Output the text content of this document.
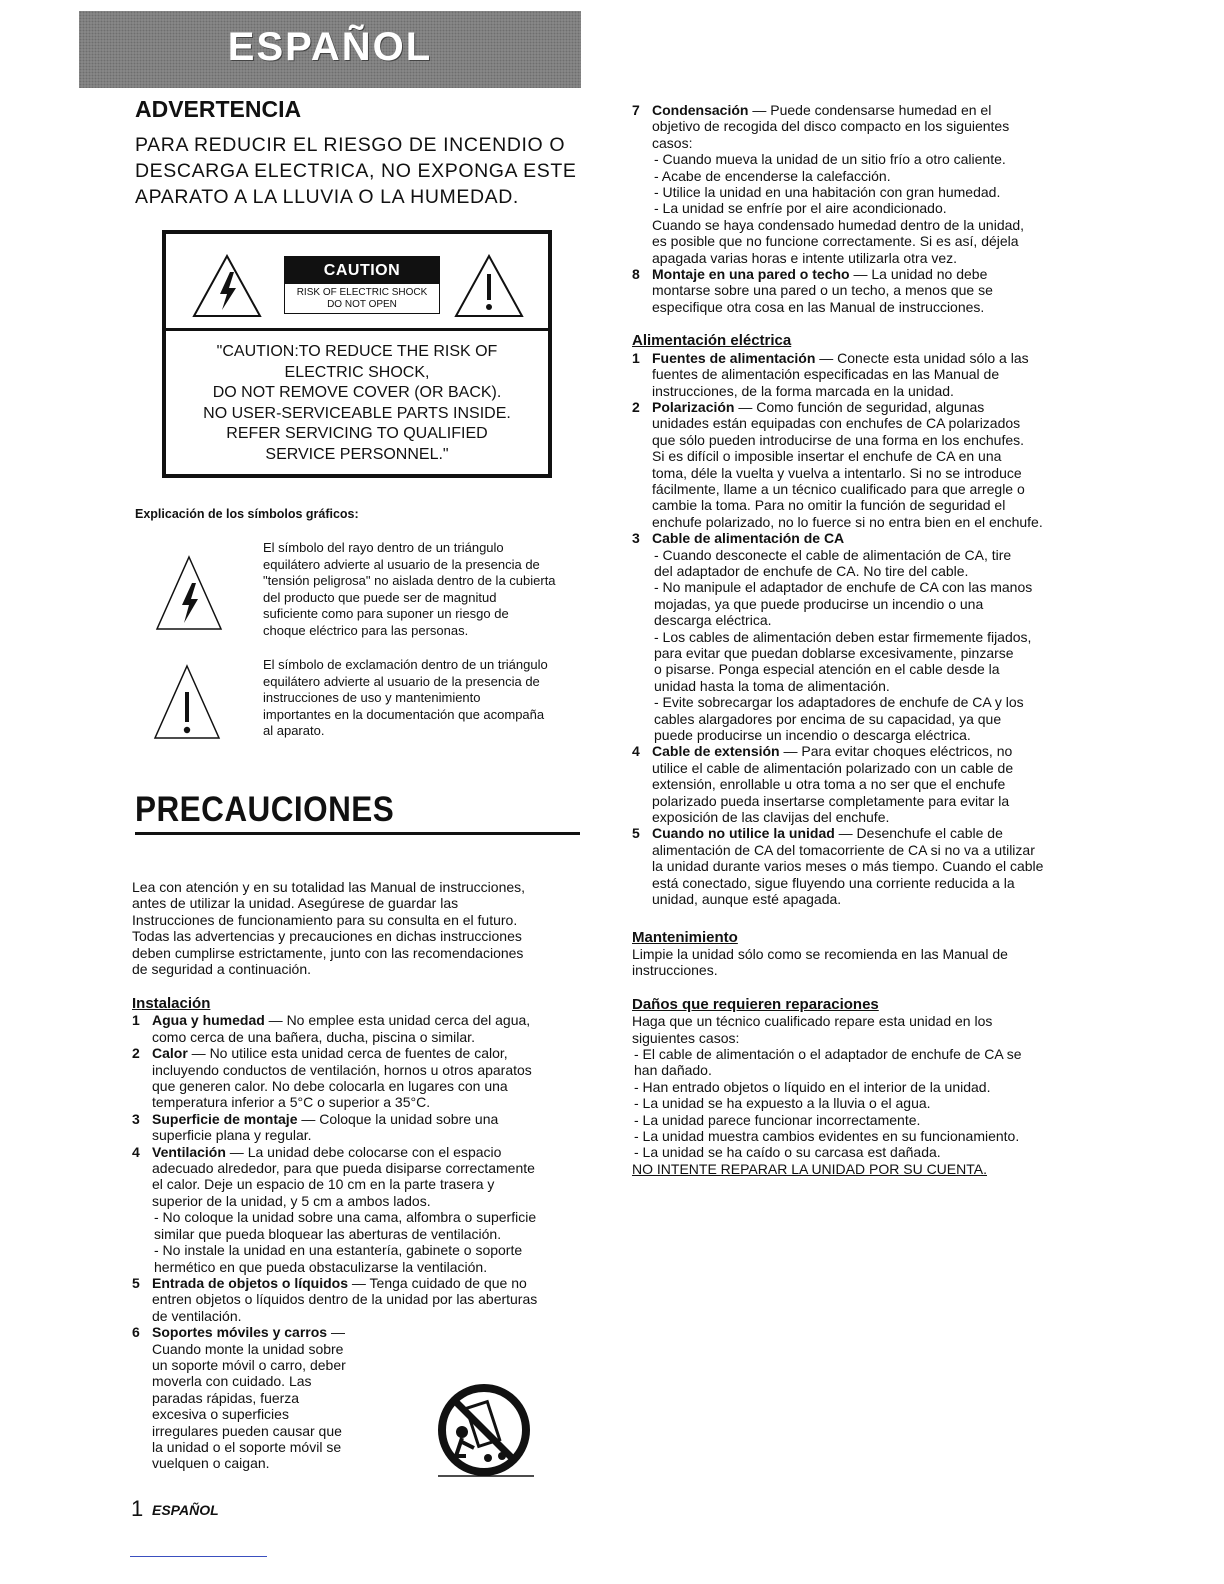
ESPAÑOL
ADVERTENCIA
PARA REDUCIR EL RIESGO DE INCENDIO O
DESCARGA ELECTRICA, NO EXPONGA ESTE
APARATO A LA LLUVIA O LA HUMEDAD.
CAUTION
RISK OF ELECTRIC SHOCK
DO NOT OPEN
"CAUTION:TO REDUCE THE RISK OF
ELECTRIC SHOCK,
DO NOT REMOVE COVER (OR BACK).
NO USER-SERVICEABLE PARTS INSIDE.
REFER SERVICING TO QUALIFIED
SERVICE PERSONNEL."
Explicación de los símbolos gráficos:
El símbolo del rayo dentro de un triángulo
equilátero advierte al usuario de la presencia de
"tensión peligrosa" no aislada dentro de la cubierta
del producto que puede ser de magnitud
suficiente como para suponer un riesgo de
choque eléctrico para las personas.
El símbolo de exclamación dentro de un triángulo
equilátero advierte al usuario de la presencia de
instrucciones de uso y mantenimiento
importantes en la documentación que acompaña
al aparato.
PRECAUCIONES
Lea con atención y en su totalidad las Manual de instrucciones,
antes de utilizar la unidad. Asegúrese de guardar las
Instrucciones de funcionamiento para su consulta en el futuro.
Todas las advertencias y precauciones en dichas instrucciones
deben cumplirse estrictamente, junto con las recomendaciones
de seguridad a continuación.
Instalación
1 Agua y humedad — No emplee esta unidad cerca del agua,
como cerca de una bañera, ducha, piscina o similar.
2 Calor — No utilice esta unidad cerca de fuentes de calor,
incluyendo conductos de ventilación, hornos u otros aparatos
que generen calor. No debe colocarla en lugares con una
temperatura inferior a 5°C o superior a 35°C.
3 Superficie de montaje — Coloque la unidad sobre una
superficie plana y regular.
4 Ventilación — La unidad debe colocarse con el espacio
adecuado alrededor, para que pueda disiparse correctamente
el calor. Deje un espacio de 10 cm en la parte trasera y
superior de la unidad, y 5 cm a ambos lados.
- No coloque la unidad sobre una cama, alfombra o superficie
similar que pueda bloquear las aberturas de ventilación.
- No instale la unidad en una estantería, gabinete o soporte
hermético en que pueda obstaculizarse la ventilación.
5 Entrada de objetos o líquidos — Tenga cuidado de que no
entren objetos o líquidos dentro de la unidad por las aberturas
de ventilación.
6 Soportes móviles y carros —
Cuando monte la unidad sobre
un soporte móvil o carro, deber
moverla con cuidado. Las
paradas rápidas, fuerza
excesiva o superficies
irregulares pueden causar que
la unidad o el soporte móvil se
vuelquen o caigan.
7 Condensación — Puede condensarse humedad en el
objetivo de recogida del disco compacto en los siguientes
casos:
- Cuando mueva la unidad de un sitio frío a otro caliente.
- Acabe de encenderse la calefacción.
- Utilice la unidad en una habitación con gran humedad.
- La unidad se enfríe por el aire acondicionado.
Cuando se haya condensado humedad dentro de la unidad,
es posible que no funcione correctamente. Si es así, déjela
apagada varias horas e intente utilizarla otra vez.
8 Montaje en una pared o techo — La unidad no debe
montarse sobre una pared o un techo, a menos que se
especifique otra cosa en las Manual de instrucciones.
Alimentación eléctrica
1 Fuentes de alimentación — Conecte esta unidad sólo a las
fuentes de alimentación especificadas en las Manual de
instrucciones, de la forma marcada en la unidad.
2 Polarización — Como función de seguridad, algunas
unidades están equipadas con enchufes de CA polarizados
que sólo pueden introducirse de una forma en los enchufes.
Si es difícil o imposible insertar el enchufe de CA en una
toma, déle la vuelta y vuelva a intentarlo. Si no se introduce
fácilmente, llame a un técnico cualificado para que arregle o
cambie la toma. Para no omitir la función de seguridad el
enchufe polarizado, no lo fuerce si no entra bien en el enchufe.
3 Cable de alimentación de CA
- Cuando desconecte el cable de alimentación de CA, tire
del adaptador de enchufe de CA. No tire del cable.
- No manipule el adaptador de enchufe de CA con las manos
mojadas, ya que puede producirse un incendio o una
descarga eléctrica.
- Los cables de alimentación deben estar firmemente fijados,
para evitar que puedan doblarse excesivamente, pinzarse
o pisarse. Ponga especial atención en el cable desde la
unidad hasta la toma de alimentación.
- Evite sobrecargar los adaptadores de enchufe de CA y los
cables alargadores por encima de su capacidad, ya que
puede producirse un incendio o descarga eléctrica.
4 Cable de extensión — Para evitar choques eléctricos, no
utilice el cable de alimentación polarizado con un cable de
extensión, enrollable u otra toma a no ser que el enchufe
polarizado pueda insertarse completamente para evitar la
exposición de las clavijas del enchufe.
5 Cuando no utilice la unidad — Desenchufe el cable de
alimentación de CA del tomacorriente de CA si no va a utilizar
la unidad durante varios meses o más tiempo. Cuando el cable
está conectado, sigue fluyendo una corriente reducida a la
unidad, aunque esté apagada.
Mantenimiento
Limpie la unidad sólo como se recomienda en las Manual de
instrucciones.
Daños que requieren reparaciones
Haga que un técnico cualificado repare esta unidad en los
siguientes casos:
- El cable de alimentación o el adaptador de enchufe de CA se
han dañado.
- Han entrado objetos o líquido en el interior de la unidad.
- La unidad se ha expuesto a la lluvia o el agua.
- La unidad parece funcionar incorrectamente.
- La unidad muestra cambios evidentes en su funcionamiento.
- La unidad se ha caído o su carcasa est dañada.
NO INTENTE REPARAR LA UNIDAD POR SU CUENTA.
1 ESPAÑOL
